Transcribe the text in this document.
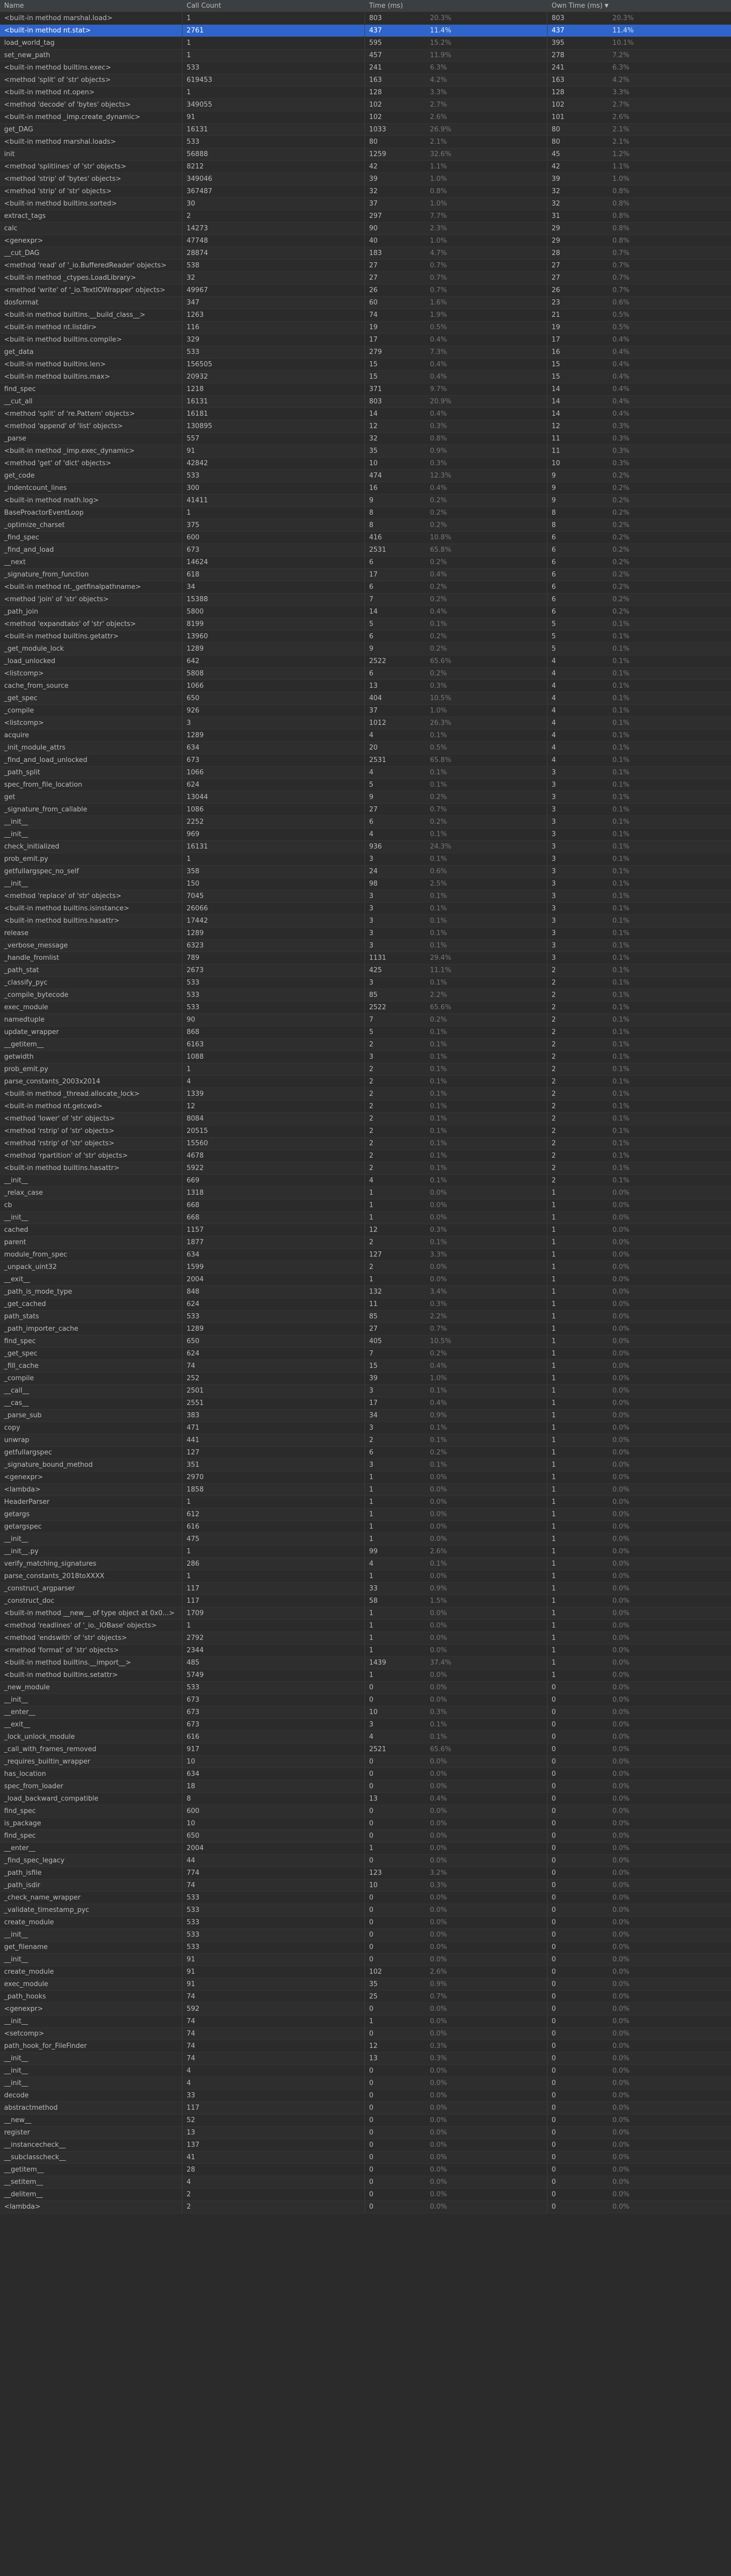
Name	Call Count	Time (ms)	Own Time (ms) ▼
<built-in method marshal.load>	1	803	20.3%	803	20.3%
<built-in method nt.stat>	2761	437	11.4%	437	11.4%
load_world_tag	1	595	15.2%	395	10.1%
set_new_path	1	457	11.9%	278	7.2%
<built-in method builtins.exec>	533	241	6.3%	241	6.3%
<method 'split' of 'str' objects>	619453	163	4.2%	163	4.2%
<built-in method nt.open>	1	128	3.3%	128	3.3%
<method 'decode' of 'bytes' objects>	349055	102	2.7%	102	2.7%
<built-in method _imp.create_dynamic>	91	102	2.6%	101	2.6%
get_DAG	16131	1033	26.9%	80	2.1%
<built-in method marshal.loads>	533	80	2.1%	80	2.1%
init	56888	1259	32.6%	45	1.2%
<method 'splitlines' of 'str' objects>	8212	42	1.1%	42	1.1%
<method 'strip' of 'bytes' objects>	349046	39	1.0%	39	1.0%
<method 'strip' of 'str' objects>	367487	32	0.8%	32	0.8%
<built-in method builtins.sorted>	30	37	1.0%	32	0.8%
extract_tags	2	297	7.7%	31	0.8%
calc	14273	90	2.3%	29	0.8%
<genexpr>	47748	40	1.0%	29	0.8%
__cut_DAG	28874	183	4.7%	28	0.7%
<method 'read' of '_io.BufferedReader' objects>	538	27	0.7%	27	0.7%
<built-in method _ctypes.LoadLibrary>	32	27	0.7%	27	0.7%
<method 'write' of '_io.TextIOWrapper' objects>	49967	26	0.7%	26	0.7%
dosformat	347	60	1.6%	23	0.6%
<built-in method builtins.__build_class__>	1263	74	1.9%	21	0.5%
<built-in method nt.listdir>	116	19	0.5%	19	0.5%
<built-in method builtins.compile>	329	17	0.4%	17	0.4%
get_data	533	279	7.3%	16	0.4%
<built-in method builtins.len>	156505	15	0.4%	15	0.4%
<built-in method builtins.max>	20932	15	0.4%	15	0.4%
find_spec	1218	371	9.7%	14	0.4%
__cut_all	16131	803	20.9%	14	0.4%
<method 'split' of 're.Pattern' objects>	16181	14	0.4%	14	0.4%
<method 'append' of 'list' objects>	130895	12	0.3%	12	0.3%
_parse	557	32	0.8%	11	0.3%
<built-in method _imp.exec_dynamic>	91	35	0.9%	11	0.3%
<method 'get' of 'dict' objects>	42842	10	0.3%	10	0.3%
get_code	533	474	12.3%	9	0.2%
_indentcount_lines	300	16	0.4%	9	0.2%
<built-in method math.log>	41411	9	0.2%	9	0.2%
BaseProactorEventLoop	1	8	0.2%	8	0.2%
_optimize_charset	375	8	0.2%	8	0.2%
_find_spec	600	416	10.8%	6	0.2%
_find_and_load	673	2531	65.8%	6	0.2%
__next	14624	6	0.2%	6	0.2%
_signature_from_function	618	17	0.4%	6	0.2%
<built-in method nt._getfinalpathname>	34	6	0.2%	6	0.2%
<method 'join' of 'str' objects>	15388	7	0.2%	6	0.2%
_path_join	5800	14	0.4%	6	0.2%
<method 'expandtabs' of 'str' objects>	8199	5	0.1%	5	0.1%
<built-in method builtins.getattr>	13960	6	0.2%	5	0.1%
_get_module_lock	1289	9	0.2%	5	0.1%
_load_unlocked	642	2522	65.6%	4	0.1%
<listcomp>	5808	6	0.2%	4	0.1%
cache_from_source	1066	13	0.3%	4	0.1%
_get_spec	650	404	10.5%	4	0.1%
_compile	926	37	1.0%	4	0.1%
<listcomp>	3	1012	26.3%	4	0.1%
acquire	1289	4	0.1%	4	0.1%
_init_module_attrs	634	20	0.5%	4	0.1%
_find_and_load_unlocked	673	2531	65.8%	4	0.1%
_path_split	1066	4	0.1%	3	0.1%
spec_from_file_location	624	5	0.1%	3	0.1%
get	13044	9	0.2%	3	0.1%
_signature_from_callable	1086	27	0.7%	3	0.1%
__init__	2252	6	0.2%	3	0.1%
__init__	969	4	0.1%	3	0.1%
check_initialized	16131	936	24.3%	3	0.1%
prob_emit.py	1	3	0.1%	3	0.1%
getfullargspec_no_self	358	24	0.6%	3	0.1%
__init__	150	98	2.5%	3	0.1%
<method 'replace' of 'str' objects>	7045	3	0.1%	3	0.1%
<built-in method builtins.isinstance>	26066	3	0.1%	3	0.1%
<built-in method builtins.hasattr>	17442	3	0.1%	3	0.1%
release	1289	3	0.1%	3	0.1%
_verbose_message	6323	3	0.1%	3	0.1%
_handle_fromlist	789	1131	29.4%	3	0.1%
_path_stat	2673	425	11.1%	2	0.1%
_classify_pyc	533	3	0.1%	2	0.1%
_compile_bytecode	533	85	2.2%	2	0.1%
exec_module	533	2522	65.6%	2	0.1%
namedtuple	90	7	0.2%	2	0.1%
update_wrapper	868	5	0.1%	2	0.1%
__getitem__	6163	2	0.1%	2	0.1%
getwidth	1088	3	0.1%	2	0.1%
prob_emit.py	1	2	0.1%	2	0.1%
parse_constants_2003x2014	4	2	0.1%	2	0.1%
<built-in method _thread.allocate_lock>	1339	2	0.1%	2	0.1%
<built-in method nt.getcwd>	12	2	0.1%	2	0.1%
<method 'lower' of 'str' objects>	8084	2	0.1%	2	0.1%
<method 'rstrip' of 'str' objects>	20515	2	0.1%	2	0.1%
<method 'rstrip' of 'str' objects>	15560	2	0.1%	2	0.1%
<method 'rpartition' of 'str' objects>	4678	2	0.1%	2	0.1%
<built-in method builtins.hasattr>	5922	2	0.1%	2	0.1%
__init__	669	4	0.1%	2	0.1%
_relax_case	1318	1	0.0%	1	0.0%
cb	668	1	0.0%	1	0.0%
__init__	668	1	0.0%	1	0.0%
cached	1157	12	0.3%	1	0.0%
parent	1877	2	0.1%	1	0.0%
module_from_spec	634	127	3.3%	1	0.0%
_unpack_uint32	1599	2	0.0%	1	0.0%
__exit__	2004	1	0.0%	1	0.0%
_path_is_mode_type	848	132	3.4%	1	0.0%
_get_cached	624	11	0.3%	1	0.0%
path_stats	533	85	2.2%	1	0.0%
_path_importer_cache	1289	27	0.7%	1	0.0%
find_spec	650	405	10.5%	1	0.0%
_get_spec	624	7	0.2%	1	0.0%
_fill_cache	74	15	0.4%	1	0.0%
_compile	252	39	1.0%	1	0.0%
__call__	2501	3	0.1%	1	0.0%
__cas__	2551	17	0.4%	1	0.0%
_parse_sub	383	34	0.9%	1	0.0%
copy	471	3	0.1%	1	0.0%
unwrap	441	2	0.1%	1	0.0%
getfullargspec	127	6	0.2%	1	0.0%
_signature_bound_method	351	3	0.1%	1	0.0%
<genexpr>	2970	1	0.0%	1	0.0%
<lambda>	1858	1	0.0%	1	0.0%
HeaderParser	1	1	0.0%	1	0.0%
getargs	612	1	0.0%	1	0.0%
getargspec	616	1	0.0%	1	0.0%
__init__	475	1	0.0%	1	0.0%
__init__.py	1	99	2.6%	1	0.0%
verify_matching_signatures	286	4	0.1%	1	0.0%
parse_constants_2018toXXXX	1	1	0.0%	1	0.0%
_construct_argparser	117	33	0.9%	1	0.0%
_construct_doc	117	58	1.5%	1	0.0%
<built-in method __new__ of type object at 0x0...>	1709	1	0.0%	1	0.0%
<method 'readlines' of '_io._IOBase' objects>	1	1	0.0%	1	0.0%
<method 'endswith' of 'str' objects>	2792	1	0.0%	1	0.0%
<method 'format' of 'str' objects>	2344	1	0.0%	1	0.0%
<built-in method builtins.__import__>	485	1439	37.4%	1	0.0%
<built-in method builtins.setattr>	5749	1	0.0%	1	0.0%
_new_module	533	0	0.0%	0	0.0%
__init__	673	0	0.0%	0	0.0%
__enter__	673	10	0.3%	0	0.0%
__exit__	673	3	0.1%	0	0.0%
_lock_unlock_module	616	4	0.1%	0	0.0%
_call_with_frames_removed	917	2521	65.6%	0	0.0%
_requires_builtin_wrapper	10	0	0.0%	0	0.0%
has_location	634	0	0.0%	0	0.0%
spec_from_loader	18	0	0.0%	0	0.0%
_load_backward_compatible	8	13	0.4%	0	0.0%
find_spec	600	0	0.0%	0	0.0%
is_package	10	0	0.0%	0	0.0%
find_spec	650	0	0.0%	0	0.0%
__enter__	2004	1	0.0%	0	0.0%
_find_spec_legacy	44	0	0.0%	0	0.0%
_path_isfile	774	123	3.2%	0	0.0%
_path_isdir	74	10	0.3%	0	0.0%
_check_name_wrapper	533	0	0.0%	0	0.0%
_validate_timestamp_pyc	533	0	0.0%	0	0.0%
create_module	533	0	0.0%	0	0.0%
__init__	533	0	0.0%	0	0.0%
get_filename	533	0	0.0%	0	0.0%
__init__	91	0	0.0%	0	0.0%
create_module	91	102	2.6%	0	0.0%
exec_module	91	35	0.9%	0	0.0%
_path_hooks	74	25	0.7%	0	0.0%
<genexpr>	592	0	0.0%	0	0.0%
__init__	74	1	0.0%	0	0.0%
<setcomp>	74	0	0.0%	0	0.0%
path_hook_for_FileFinder	74	12	0.3%	0	0.0%
__init__	74	13	0.3%	0	0.0%
__init__	4	0	0.0%	0	0.0%
__init__	4	0	0.0%	0	0.0%
decode	33	0	0.0%	0	0.0%
abstractmethod	117	0	0.0%	0	0.0%
__new__	52	0	0.0%	0	0.0%
register	13	0	0.0%	0	0.0%
__instancecheck__	137	0	0.0%	0	0.0%
__subclasscheck__	41	0	0.0%	0	0.0%
__getitem__	28	0	0.0%	0	0.0%
__setitem__	4	0	0.0%	0	0.0%
__delitem__	2	0	0.0%	0	0.0%
<lambda>	2	0	0.0%	0	0.0%
